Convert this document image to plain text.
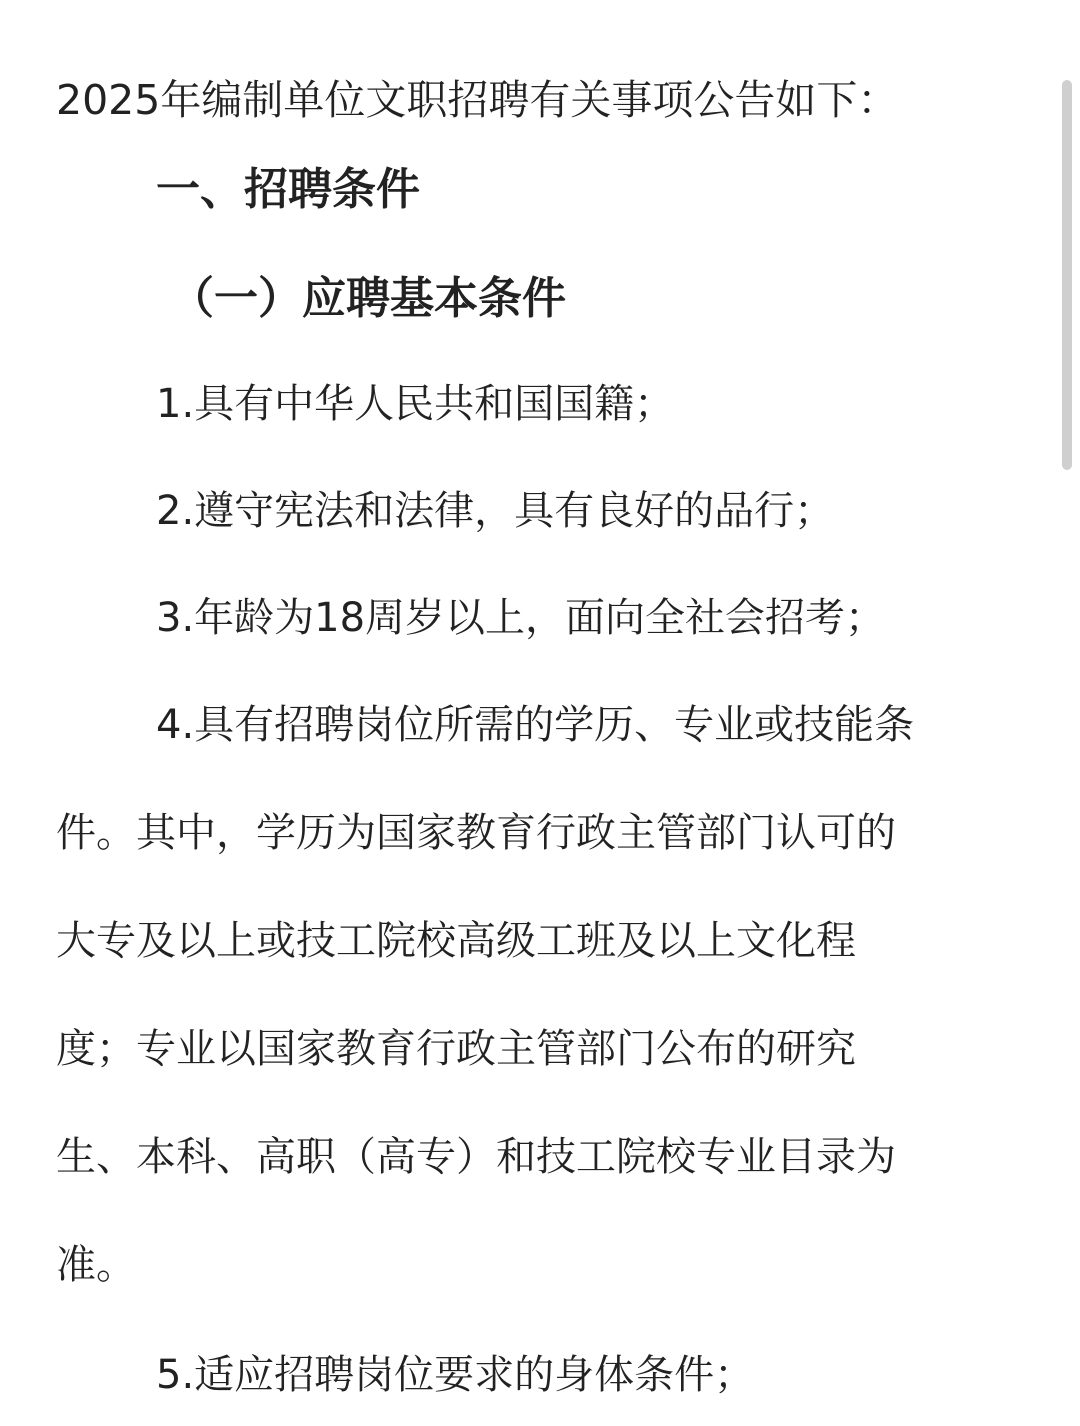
2025年编制单位文职招聘有关事项公告如下：
一、招聘条件
（一）应聘基本条件
1.具有中华人民共和国国籍；
2.遵守宪法和法律，具有良好的品行；
3.年龄为18周岁以上，面向全社会招考；
4.具有招聘岗位所需的学历、专业或技能条
件。其中，学历为国家教育行政主管部门认可的
大专及以上或技工院校高级工班及以上文化程
度；专业以国家教育行政主管部门公布的研究
生、本科、高职（高专）和技工院校专业目录为
准。
5.适应招聘岗位要求的身体条件；
